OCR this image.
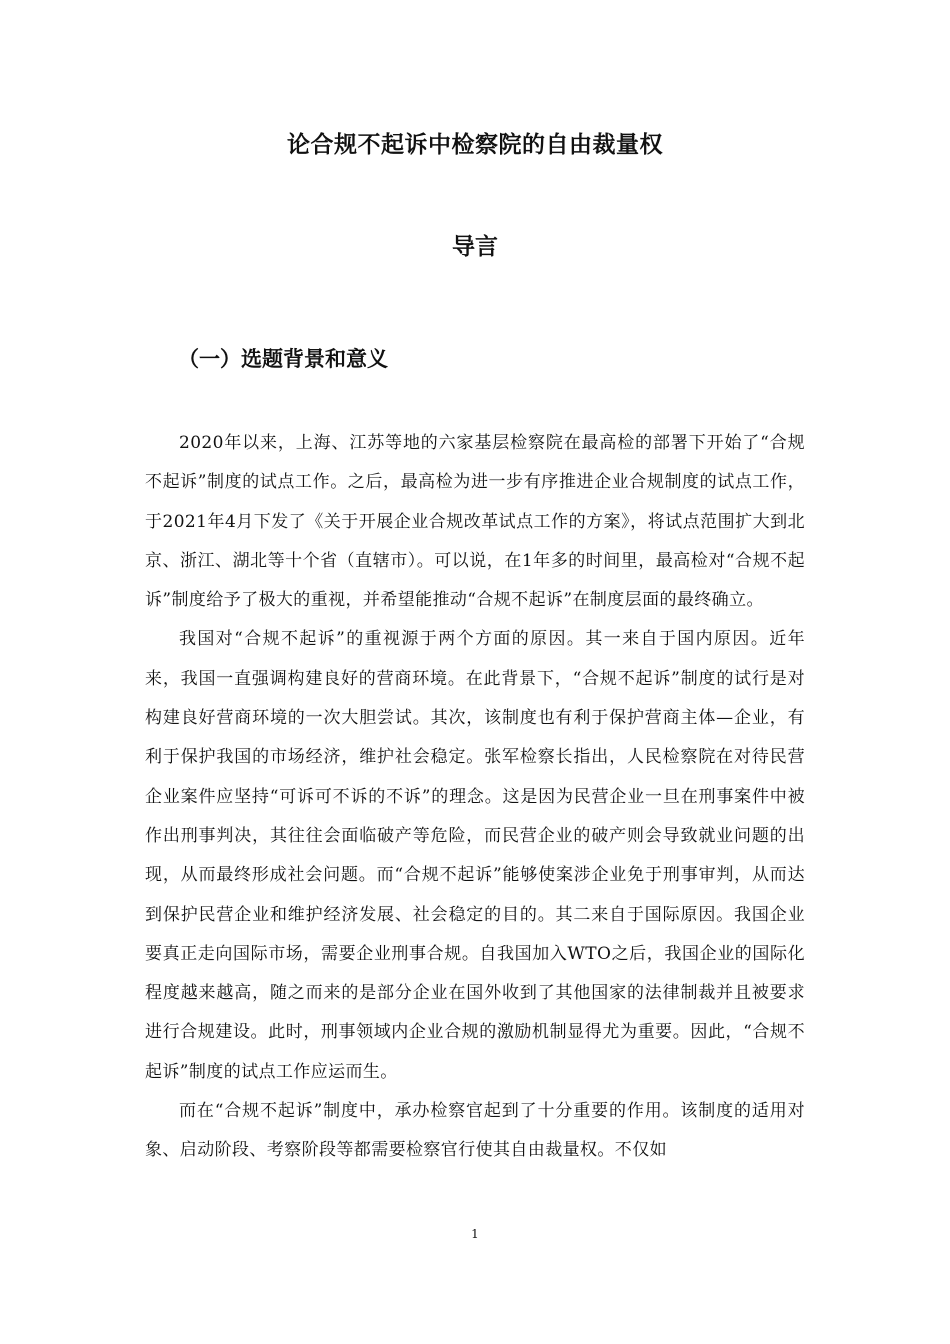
论合规不起诉中检察院的自由裁量权
导言
（一）选题背景和意义

2020年以来，上海、江苏等地的六家基层检察院在最高检的部署下开始了“合规不起诉”制度的试点工作。之后，最高检为进一步有序推进企业合规制度的试点工作，于2021年4月下发了《关于开展企业合规改革试点工作的方案》，将试点范围扩大到北京、浙江、湖北等十个省（直辖市）。可以说，在1年多的时间里，最高检对“合规不起诉”制度给予了极大的重视，并希望能推动“合规不起诉”在制度层面的最终确立。

我国对“合规不起诉”的重视源于两个方面的原因。其一来自于国内原因。近年来，我国一直强调构建良好的营商环境。在此背景下，“合规不起诉”制度的试行是对构建良好营商环境的一次大胆尝试。其次，该制度也有利于保护营商主体—企业，有利于保护我国的市场经济，维护社会稳定。张军检察长指出，人民检察院在对待民营企业案件应坚持“可诉可不诉的不诉”的理念。这是因为民营企业一旦在刑事案件中被作出刑事判决，其往往会面临破产等危险，而民营企业的破产则会导致就业问题的出现，从而最终形成社会问题。而“合规不起诉”能够使案涉企业免于刑事审判，从而达到保护民营企业和维护经济发展、社会稳定的目的。其二来自于国际原因。我国企业要真正走向国际市场，需要企业刑事合规。自我国加入WTO之后，我国企业的国际化程度越来越高，随之而来的是部分企业在国外收到了其他国家的法律制裁并且被要求进行合规建设。此时，刑事领域内企业合规的激励机制显得尤为重要。因此，“合规不起诉”制度的试点工作应运而生。

而在“合规不起诉”制度中，承办检察官起到了十分重要的作用。该制度的适用对象、启动阶段、考察阶段等都需要检察官行使其自由裁量权。不仅如

1
